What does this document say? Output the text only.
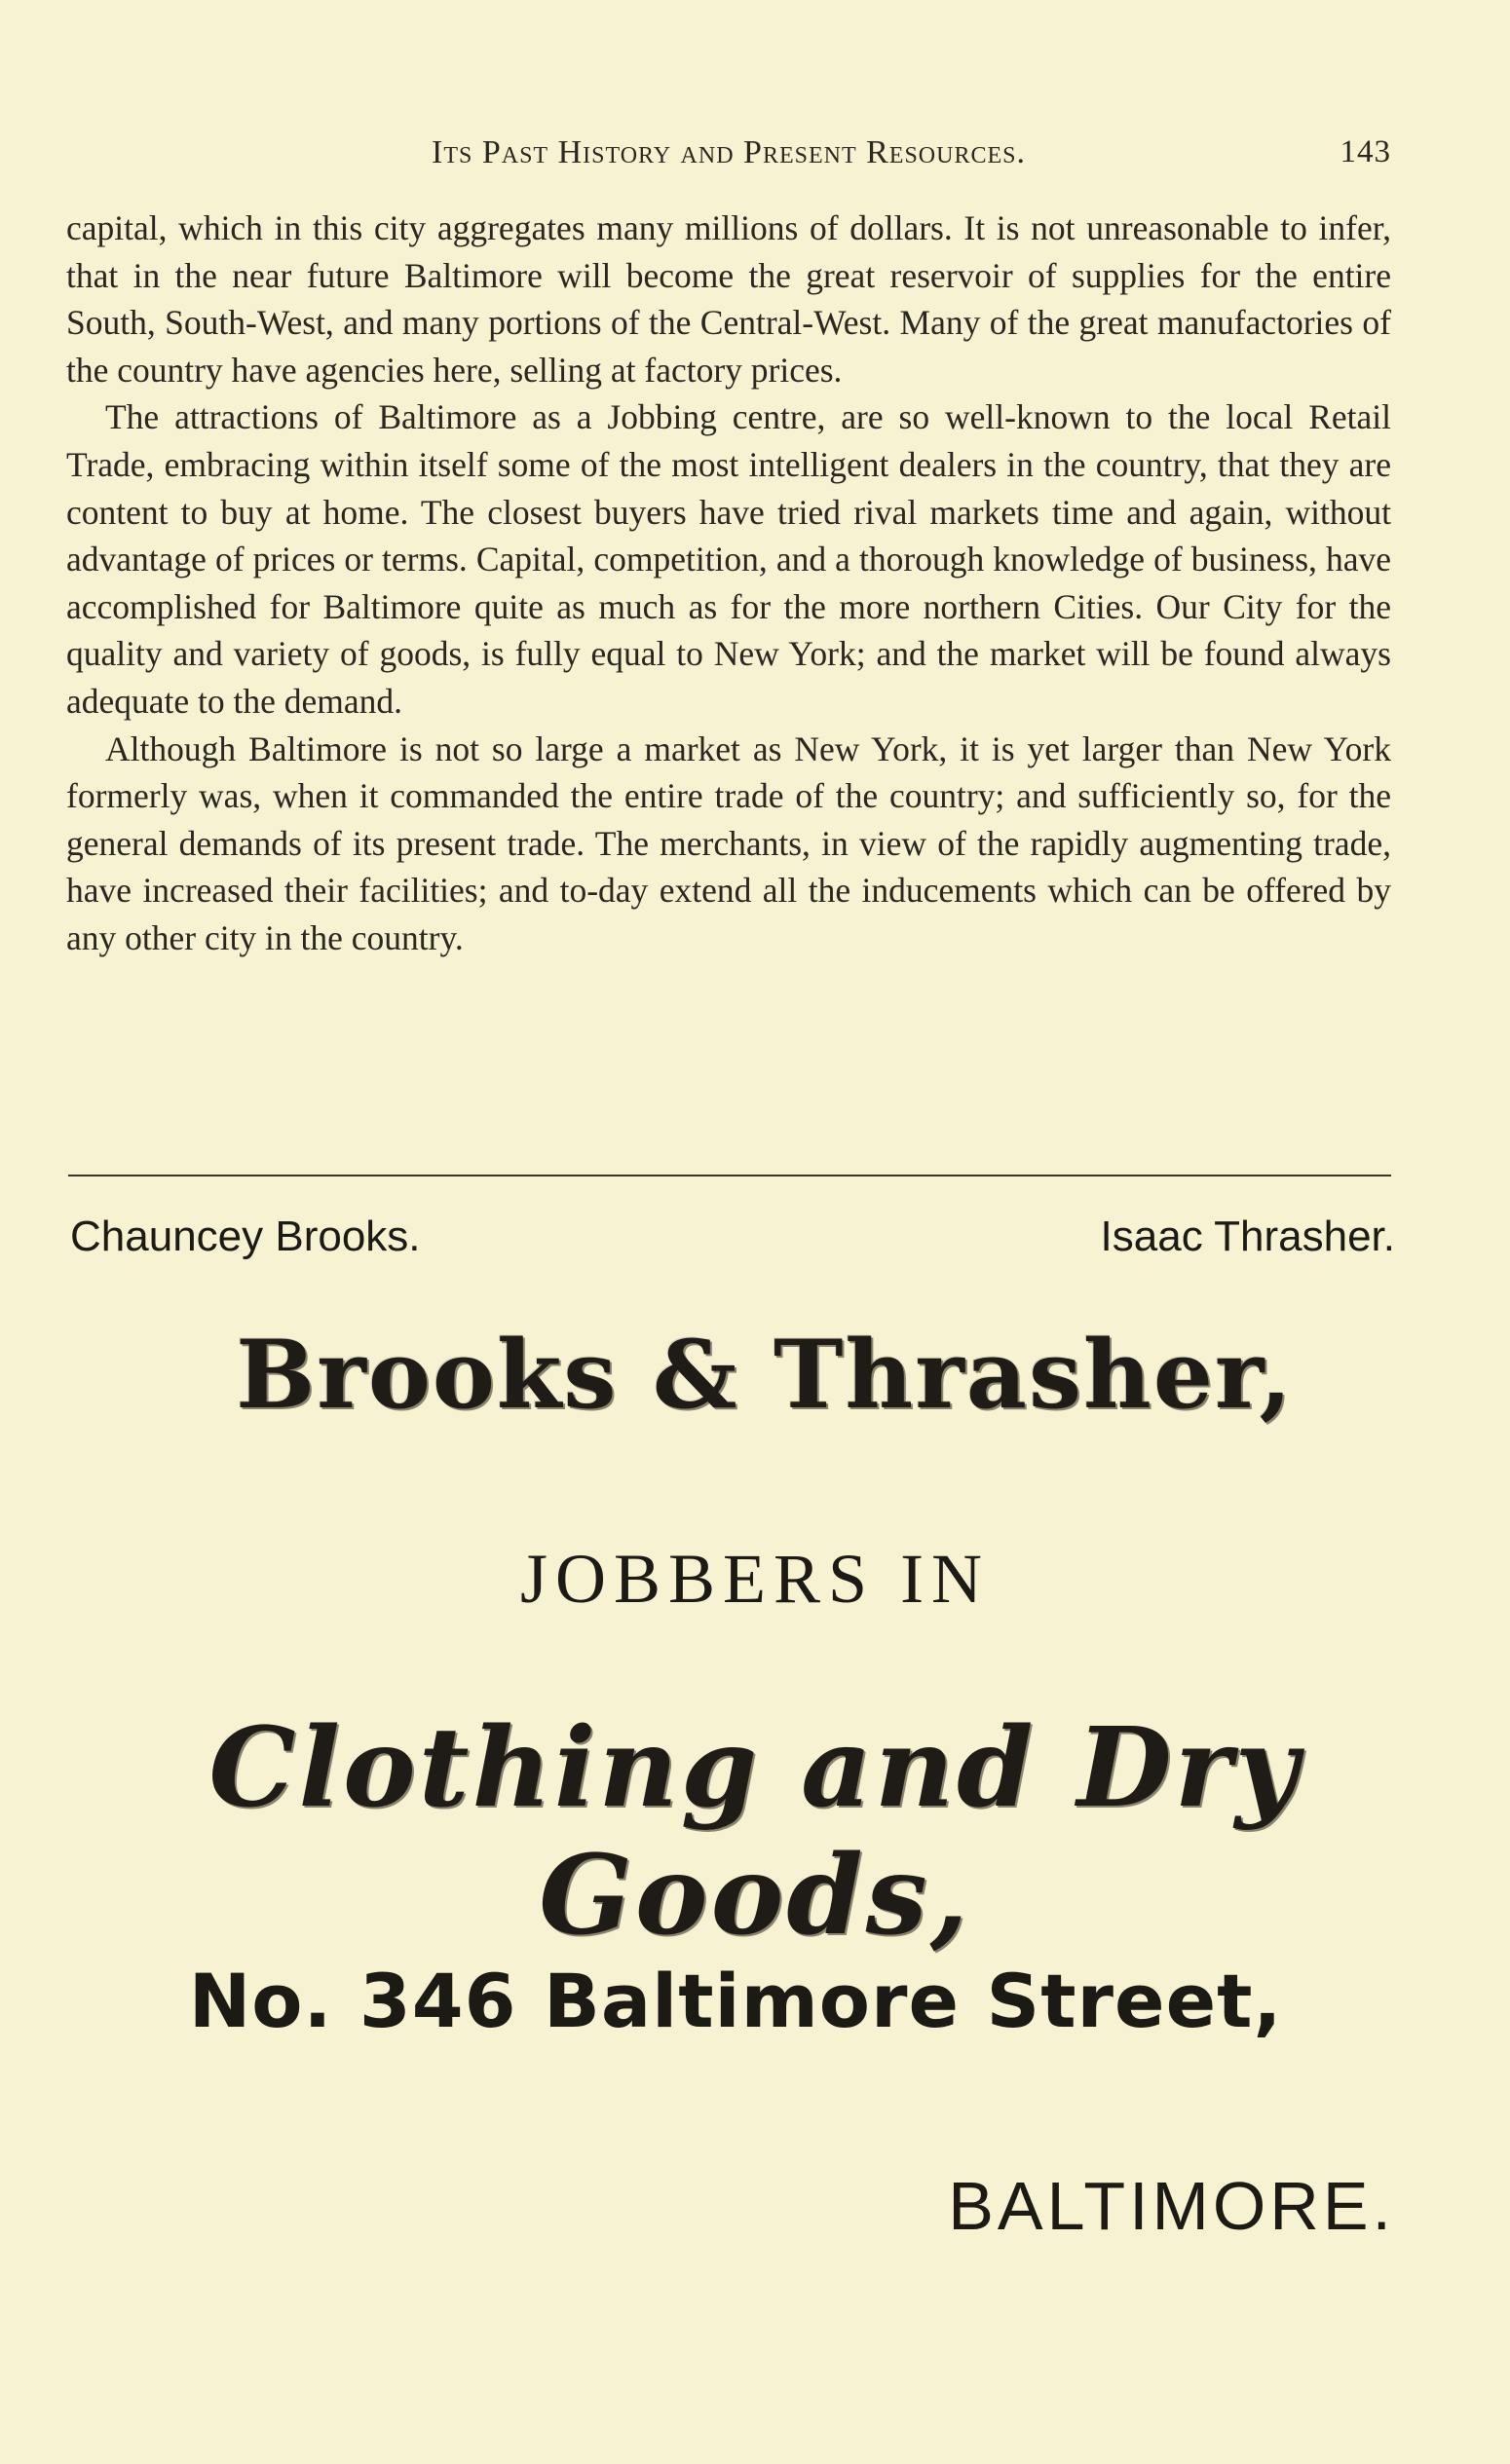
Its Past History and Present Resources.	143

capital, which in this city aggregates many millions of dollars. It is not unreasonable to infer, that in the near future Baltimore will become the great reservoir of supplies for the entire South, South-West, and many portions of the Central-West. Many of the great manufactories of the country have agencies here, selling at factory prices.

The attractions of Baltimore as a Jobbing centre, are so well-known to the local Retail Trade, embracing within itself some of the most intelligent dealers in the country, that they are content to buy at home. The closest buyers have tried rival markets time and again, without advantage of prices or terms. Capital, competition, and a thorough knowledge of business, have accomplished for Baltimore quite as much as for the more northern Cities. Our City for the quality and variety of goods, is fully equal to New York; and the market will be found always adequate to the demand.

Although Baltimore is not so large a market as New York, it is yet larger than New York formerly was, when it commanded the entire trade of the country; and sufficiently so, for the general demands of its present trade. The merchants, in view of the rapidly augmenting trade, have increased their facilities; and to-day extend all the inducements which can be offered by any other city in the country.

Chauncey Brooks.	Isaac Thrasher.
Brooks & Thrasher,
JOBBERS IN
Clothing and Dry Goods,
No. 346 Baltimore Street,
BALTIMORE.
